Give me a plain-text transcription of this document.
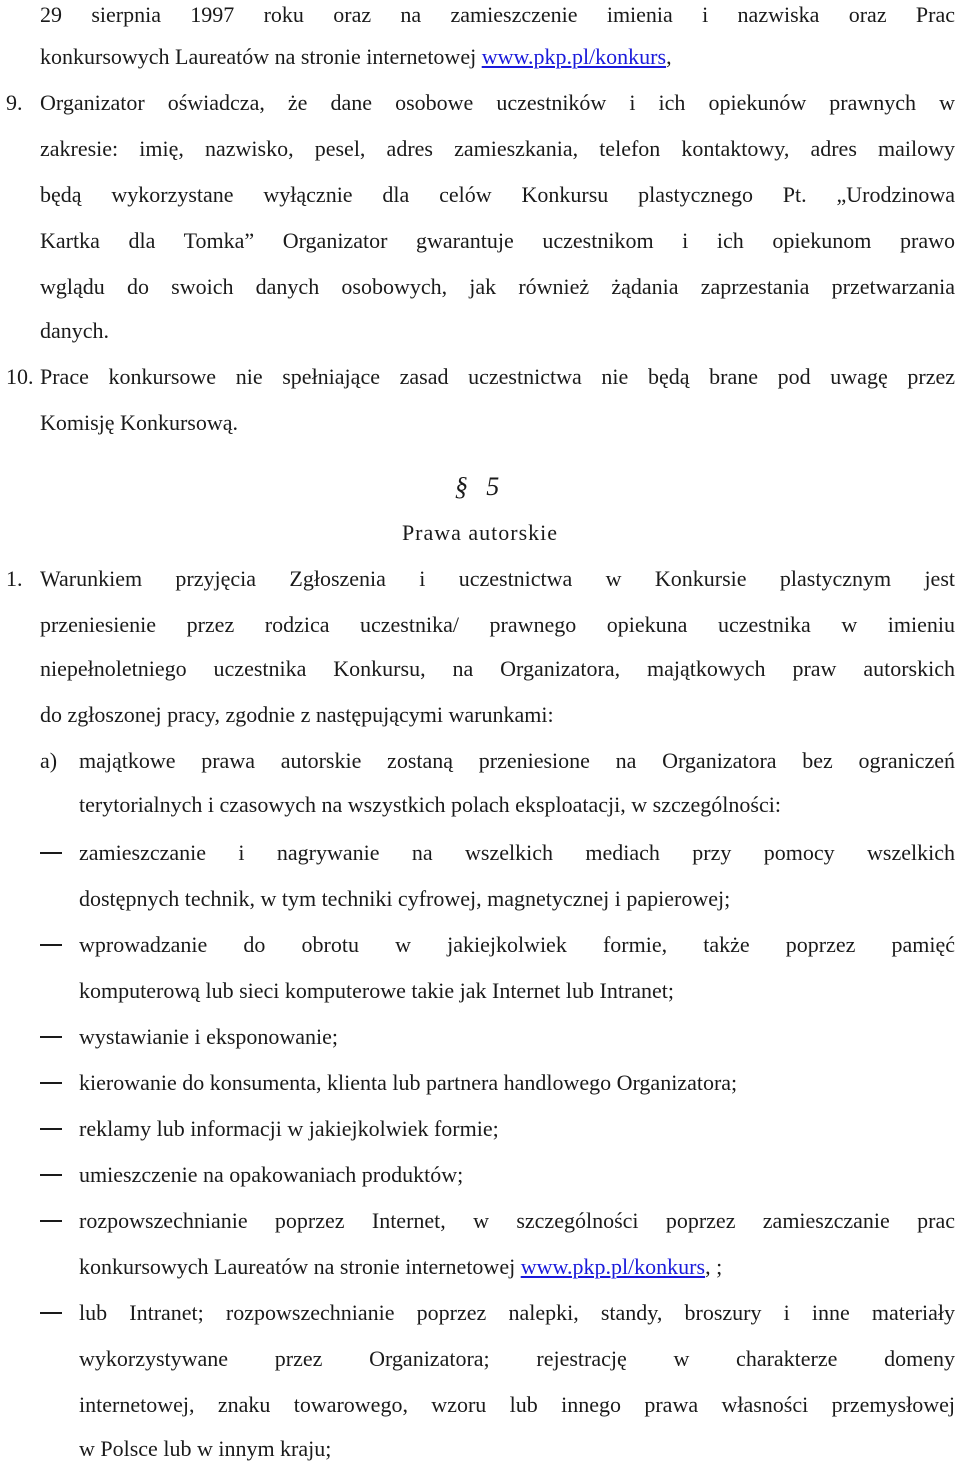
29 sierpnia 1997 roku oraz na zamieszczenie imienia i nazwiska oraz Prac
konkursowych Laureatów na stronie internetowej www.pkp.pl/konkurs,
9. Organizator oświadcza, że dane osobowe uczestników i ich opiekunów prawnych w
zakresie: imię, nazwisko, pesel, adres zamieszkania, telefon kontaktowy, adres mailowy
będą wykorzystane wyłącznie dla celów Konkursu plastycznego Pt. „Urodzinowa
Kartka dla Tomka” Organizator gwarantuje uczestnikom i ich opiekunom prawo
wglądu do swoich danych osobowych, jak również żądania zaprzestania przetwarzania
danych.
10. Prace konkursowe nie spełniające zasad uczestnictwa nie będą brane pod uwagę przez
Komisję Konkursową.
§ 5
Prawa autorskie
1. Warunkiem przyjęcia Zgłoszenia i uczestnictwa w Konkursie plastycznym jest
przeniesienie przez rodzica uczestnika/ prawnego opiekuna uczestnika w imieniu
niepełnoletniego uczestnika Konkursu, na Organizatora, majątkowych praw autorskich
do zgłoszonej pracy, zgodnie z następującymi warunkami:
a) majątkowe prawa autorskie zostaną przeniesione na Organizatora bez ograniczeń
terytorialnych i czasowych na wszystkich polach eksploatacji, w szczególności:
zamieszczanie i nagrywanie na wszelkich mediach przy pomocy wszelkich
dostępnych technik, w tym techniki cyfrowej, magnetycznej i papierowej;
wprowadzanie do obrotu w jakiejkolwiek formie, także poprzez pamięć
komputerową lub sieci komputerowe takie jak Internet lub Intranet;
wystawianie i eksponowanie;
kierowanie do konsumenta, klienta lub partnera handlowego Organizatora;
reklamy lub informacji w jakiejkolwiek formie;
umieszczenie na opakowaniach produktów;
rozpowszechnianie poprzez Internet, w szczególności poprzez zamieszczanie prac
konkursowych Laureatów na stronie internetowej www.pkp.pl/konkurs, ;
lub Intranet; rozpowszechnianie poprzez nalepki, standy, broszury i inne materiały
wykorzystywane przez Organizatora; rejestrację w charakterze domeny
internetowej, znaku towarowego, wzoru lub innego prawa własności przemysłowej
w Polsce lub w innym kraju;
